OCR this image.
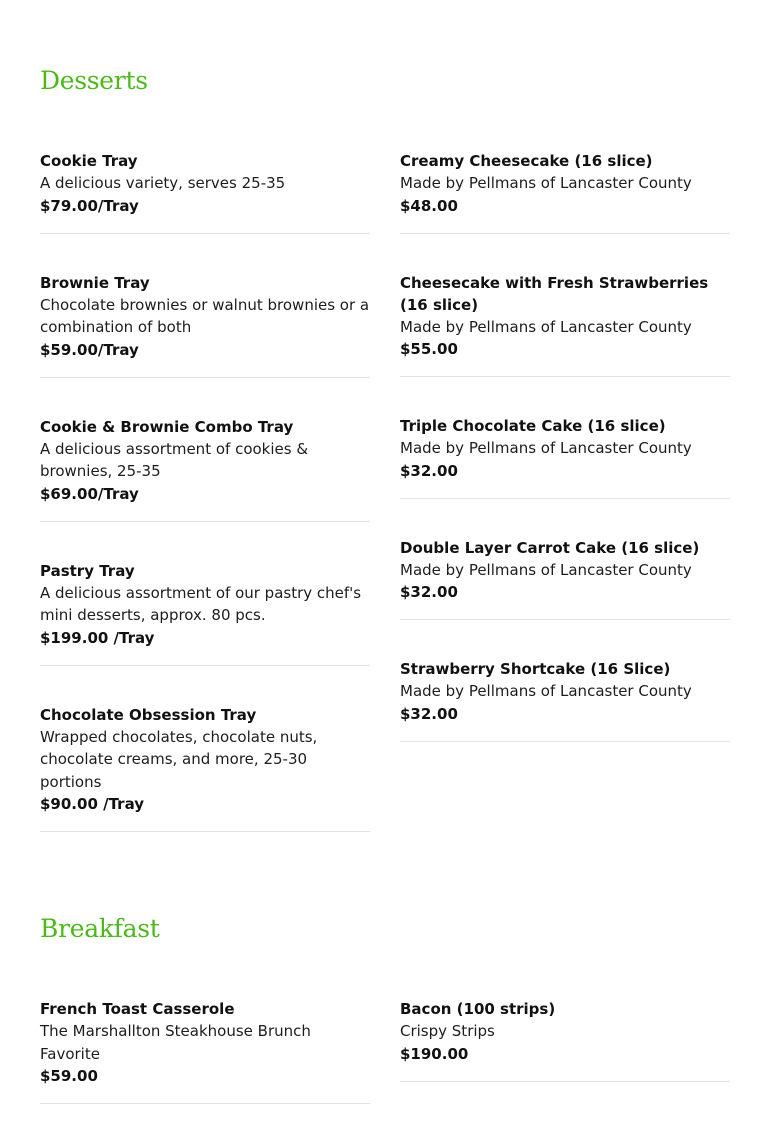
Desserts
Cookie Tray
A delicious variety, serves 25-35
$79.00/Tray
Brownie Tray
Chocolate brownies or walnut brownies or a combination of both
$59.00/Tray
Cookie & Brownie Combo Tray
A delicious assortment of cookies & brownies, 25-35
$69.00/Tray
Pastry Tray
A delicious assortment of our pastry chef's mini desserts, approx. 80 pcs.
$199.00 /Tray
Chocolate Obsession Tray
Wrapped chocolates, chocolate nuts, chocolate creams, and more, 25-30 portions
$90.00 /Tray
Creamy Cheesecake (16 slice)
Made by Pellmans of Lancaster County
$48.00
Cheesecake with Fresh Strawberries (16 slice)
Made by Pellmans of Lancaster County
$55.00
Triple Chocolate Cake (16 slice)
Made by Pellmans of Lancaster County
$32.00
Double Layer Carrot Cake (16 slice)
Made by Pellmans of Lancaster County
$32.00
Strawberry Shortcake (16 Slice)
Made by Pellmans of Lancaster County
$32.00
Breakfast
French Toast Casserole
The Marshallton Steakhouse Brunch Favorite
$59.00
Bacon (100 strips)
Crispy Strips
$190.00
